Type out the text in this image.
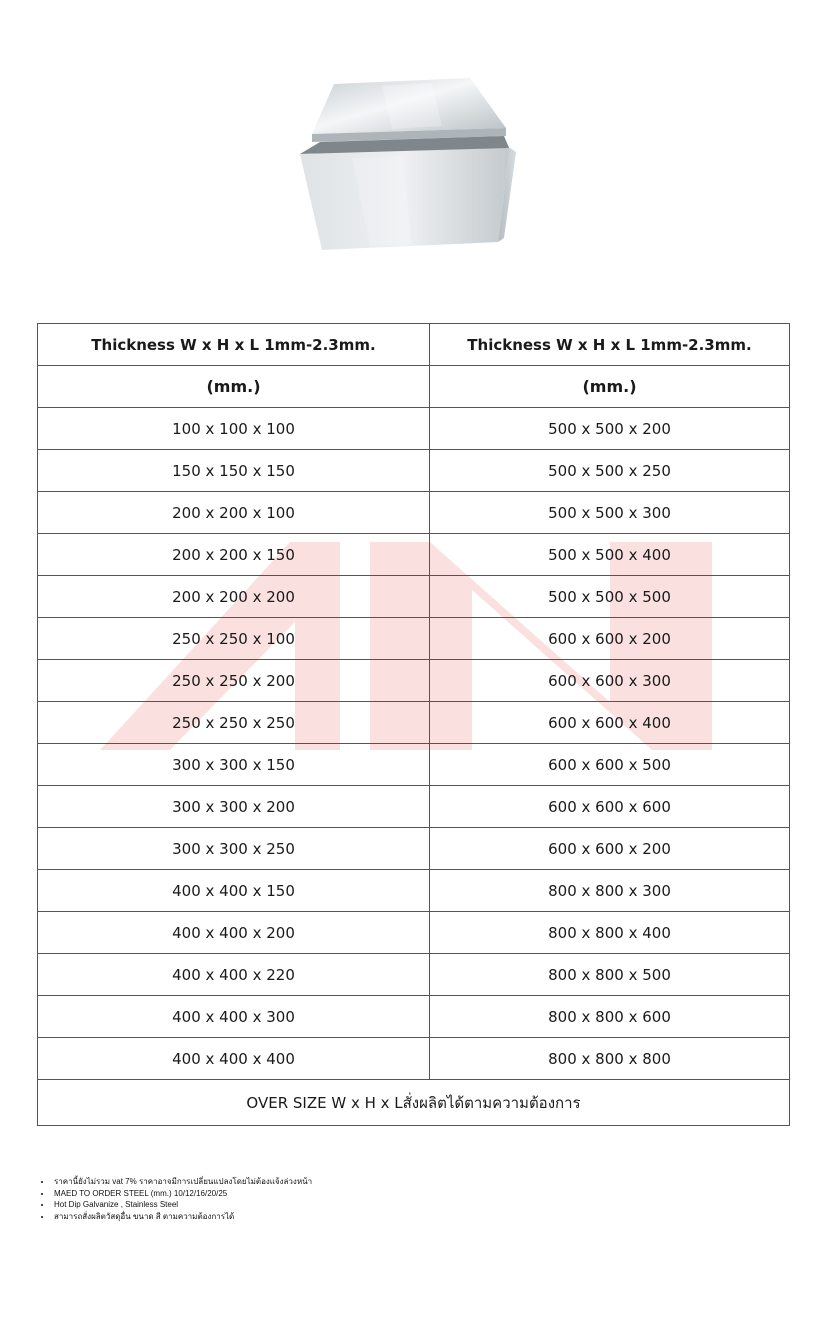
Thickness W x H x L 1mm-2.3mm.	Thickness W x H x L 1mm-2.3mm.
(mm.)	(mm.)
100 x 100 x 100	500 x 500 x 200
150 x 150 x 150	500 x 500 x 250
200 x 200 x 100	500 x 500 x 300
200 x 200 x 150	500 x 500 x 400
200 x 200 x 200	500 x 500 x 500
250 x 250 x 100	600 x 600 x 200
250 x 250 x 200	600 x 600 x 300
250 x 250 x 250	600 x 600 x 400
300 x 300 x 150	600 x 600 x 500
300 x 300 x 200	600 x 600 x 600
300 x 300 x 250	600 x 600 x 200
400 x 400 x 150	800 x 800 x 300
400 x 400 x 200	800 x 800 x 400
400 x 400 x 220	800 x 800 x 500
400 x 400 x 300	800 x 800 x 600
400 x 400 x 400	800 x 800 x 800
OVER SIZE W x H x Lสั่งผลิตได้ตามความต้องการ	
• ราคานี้ยังไม่รวม vat 7% ราคาอาจมีการเปลี่ยนแปลงโดยไม่ต้องแจ้งล่วงหน้า
• MAED TO ORDER STEEL (mm.) 10/12/16/20/25
• Hot Dip Galvanize , Stainless Steel
• สามารถสั่งผลิตวัสดุอื่น ขนาด สี ตามความต้องการได้
